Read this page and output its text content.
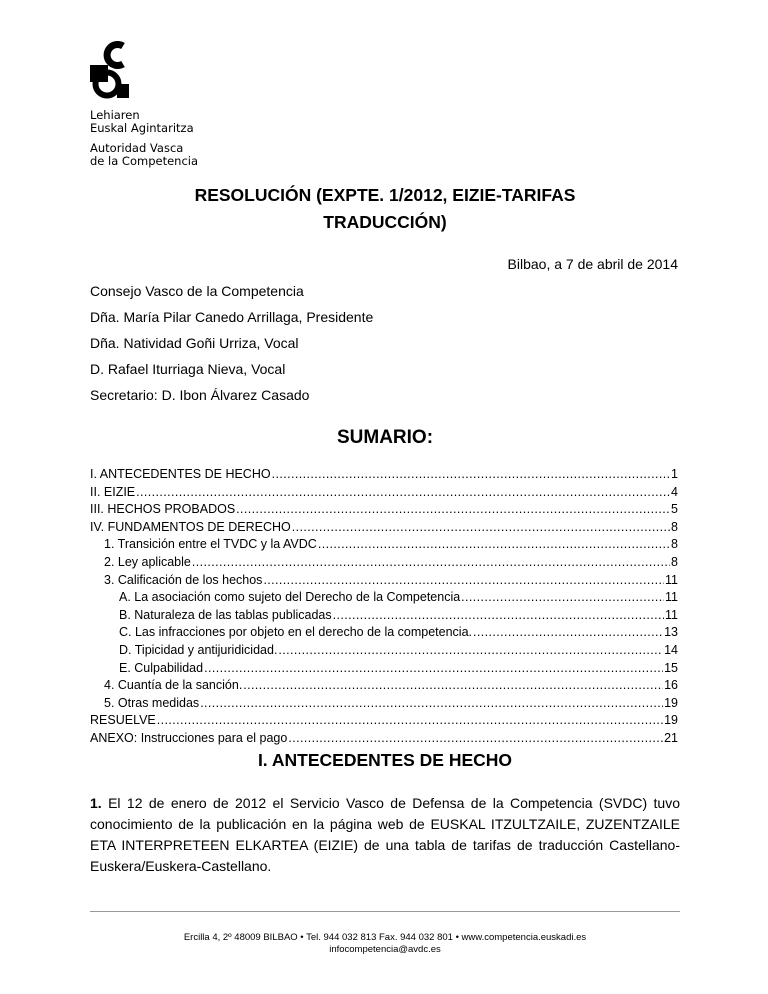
Lehiaren
Euskal Agintaritza
Autoridad Vasca
de la Competencia
RESOLUCIÓN (EXPTE. 1/2012, EIZIE-TARIFAS
TRADUCCIÓN)
Bilbao, a 7 de abril de 2014
Consejo Vasco de la Competencia
Dña. María Pilar Canedo Arrillaga, Presidente
Dña. Natividad Goñi Urriza, Vocal
D. Rafael Iturriaga Nieva, Vocal
Secretario: D. Ibon Álvarez Casado
SUMARIO:
I. ANTECEDENTES DE HECHO .....	1
II. EIZIE .....	4
III. HECHOS PROBADOS .....	5
IV. FUNDAMENTOS DE DERECHO .....	8
1. Transición entre el TVDC y la AVDC .....	8
2. Ley aplicable .....	8
3. Calificación de los hechos .....	11
A. La asociación como sujeto del Derecho de la Competencia .....	11
B. Naturaleza de las tablas publicadas .....	11
C. Las infracciones por objeto en el derecho de la competencia. .....	13
D. Tipicidad y antijuridicidad. .....	14
E. Culpabilidad .....	15
4. Cuantía de la sanción. .....	16
5. Otras medidas .....	19
RESUELVE .....	19
ANEXO: Instrucciones para el pago .....	21
I. ANTECEDENTES DE HECHO
1. El 12 de enero de 2012 el Servicio Vasco de Defensa de la Competencia (SVDC) tuvo conocimiento de la publicación en la página web de EUSKAL ITZULTZAILE, ZUZENTZAILE ETA INTERPRETEEN ELKARTEA (EIZIE) de una tabla de tarifas de traducción Castellano-Euskera/Euskera-Castellano.
Ercilla 4, 2º 48009 BILBAO • Tel. 944 032 813 Fax. 944 032 801 • www.competencia.euskadi.es
infocompetencia@avdc.es
